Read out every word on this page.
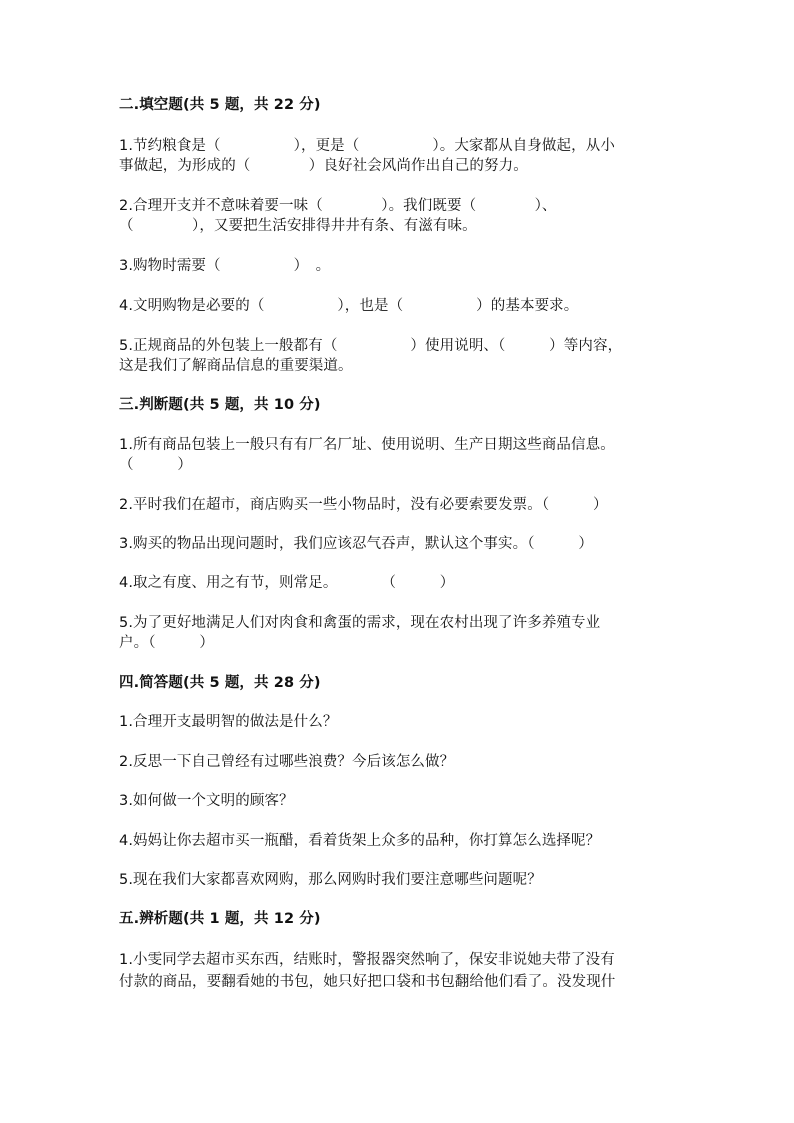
二.填空题(共 5 题，共 22 分)
1.节约粮食是（　　　　　），更是（　　　　　）。大家都从自身做起，从小
事做起，为形成的（　　　　）良好社会风尚作出自己的努力。
2.合理开支并不意味着要一味（　　　　）。我们既要（　　　　）、
（　　　　），又要把生活安排得井井有条、有滋有味。
3.购物时需要（　　　　　）　。
4.文明购物是必要的（　　　　　），也是（　　　　　）的基本要求。
5.正规商品的外包装上一般都有（　　　　　）使用说明、（　　　）等内容，
这是我们了解商品信息的重要渠道。
三.判断题(共 5 题，共 10 分)
1.所有商品包装上一般只有有厂名厂址、使用说明、生产日期这些商品信息。
（　　　）
2.平时我们在超市，商店购买一些小物品时，没有必要索要发票。（　　　）
3.购买的物品出现问题时，我们应该忍气吞声，默认这个事实。（　　　）
4.取之有度、用之有节，则常足。　　　　（　　　）
5.为了更好地满足人们对肉食和禽蛋的需求，现在农村出现了许多养殖专业
户。（　　　）
四.简答题(共 5 题，共 28 分)
1.合理开支最明智的做法是什么？
2.反思一下自己曾经有过哪些浪费？今后该怎么做？
3.如何做一个文明的顾客？
4.妈妈让你去超市买一瓶醋，看着货架上众多的品种，你打算怎么选择呢？
5.现在我们大家都喜欢网购，那么网购时我们要注意哪些问题呢？
五.辨析题(共 1 题，共 12 分)
1.小雯同学去超市买东西，结账时，警报器突然响了，保安非说她夫带了没有
付款的商品，要翻看她的书包，她只好把口袋和书包翻给他们看了。没发现什
